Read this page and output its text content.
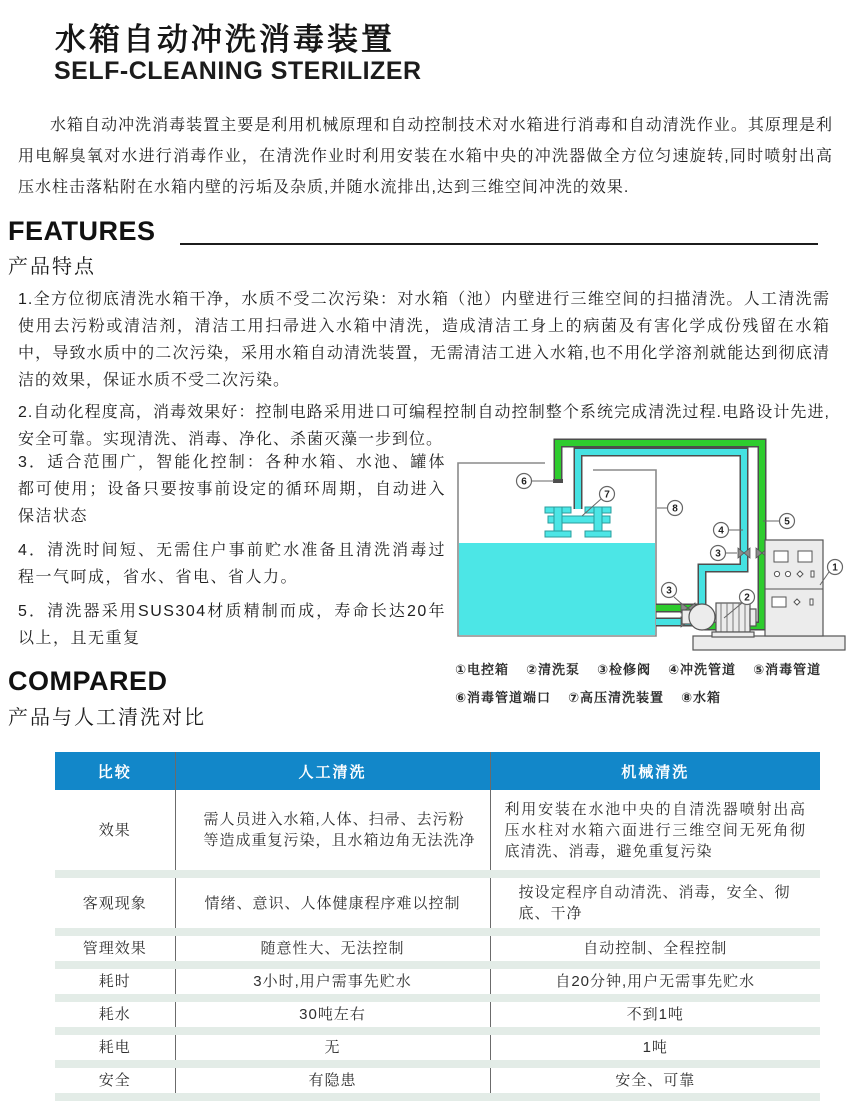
水箱自动冲洗消毒装置
SELF-CLEANING STERILIZER
水箱自动冲洗消毒装置主要是利用机械原理和自动控制技术对水箱进行消毒和自动清洗作业。其原理是利用电解臭氧对水进行消毒作业，在清洗作业时利用安装在水箱中央的冲洗器做全方位匀速旋转,同时喷射出高压水柱击落粘附在水箱内壁的污垢及杂质,并随水流排出,达到三维空间冲洗的效果.
FEATURES
产品特点

1.全方位彻底清洗水箱干净，水质不受二次污染：对水箱（池）内壁进行三维空间的扫描清洗。人工清洗需使用去污粉或清洁剂，清洁工用扫帚进入水箱中清洗，造成清洁工身上的病菌及有害化学成份残留在水箱中，导致水质中的二次污染，采用水箱自动清洗装置，无需清洁工进入水箱,也不用化学溶剂就能达到彻底清洁的效果，保证水质不受二次污染。

2.自动化程度高，消毒效果好：控制电路采用进口可编程控制自动控制整个系统完成清洗过程.电路设计先进,安全可靠。实现清洗、消毒、净化、杀菌灭藻一步到位。

3．适合范围广，智能化控制：各种水箱、水池、罐体都可使用；设备只要按事前设定的循环周期，自动进入保洁状态

4．清洗时间短、无需住户事前贮水准备且清洗消毒过程一气呵成，省水、省电、省人力。

5．清洗器采用SUS304材质精制而成，寿命长达20年以上，且无重复

6
7
8
4
5
3
3
2
1
①电控箱 ②清洗泵 ③检修阀 ④冲洗管道 ⑤消毒管道
⑥消毒管道端口 ⑦高压清洗装置 ⑧水箱
COMPARED
产品与人工清洗对比
比较	人工清洗	机械清洗
效果	需人员进入水箱,人体、扫帚、去污粉等造成重复污染，且水箱边角无法洗净	利用安装在水池中央的自清洗器喷射出高压水柱对水箱六面进行三维空间无死角彻底清洗、消毒，避免重复污染
客观现象	情绪、意识、人体健康程序难以控制	按设定程序自动清洗、消毒，安全、彻底、干净
管理效果	随意性大、无法控制	自动控制、全程控制
耗时	3小时,用户需事先贮水	自20分钟,用户无需事先贮水
耗水	30吨左右	不到1吨
耗电	无	1吨
安全	有隐患	安全、可靠
